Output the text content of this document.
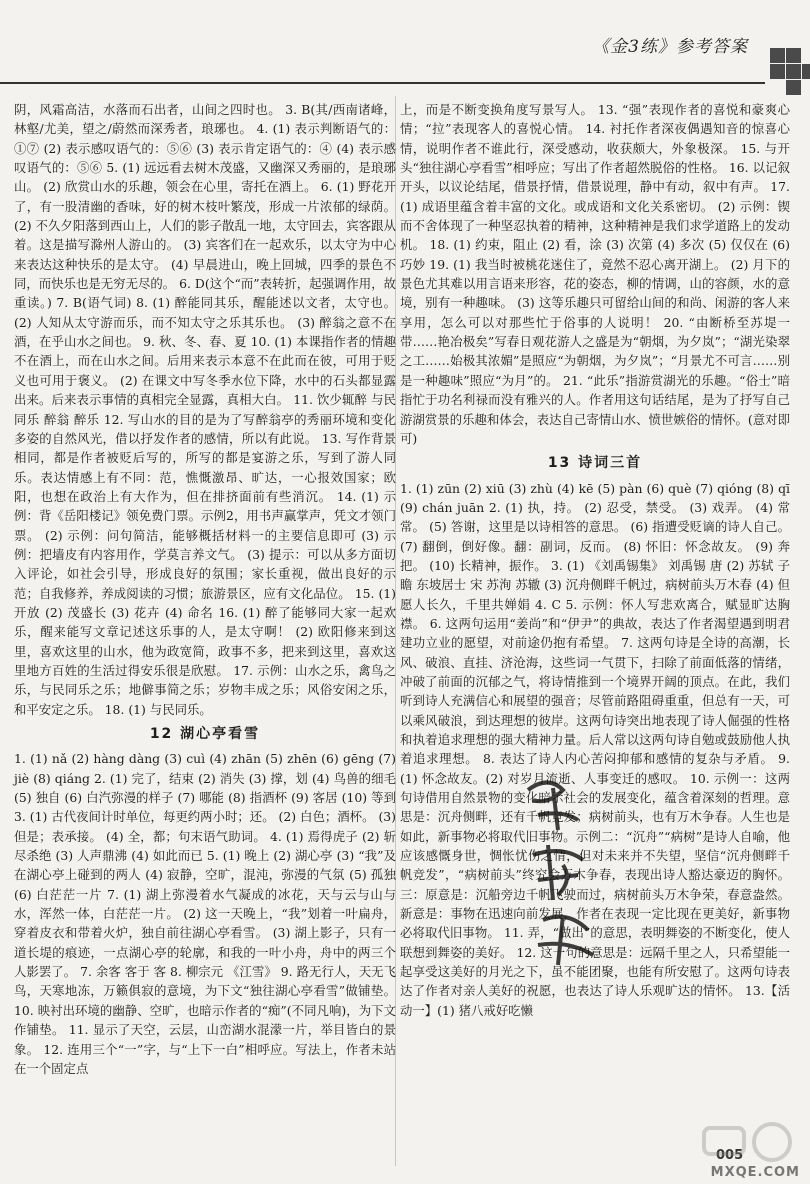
《金3练》参考答案

阴，风霜高洁，水落而石出者，山间之四时也。 3. B(其/西南诸峰，林壑/尤美，望之/蔚然而深秀者，琅琊也。 4. (1) 表示判断语气的：①⑦ (2) 表示感叹语气的：⑤⑥ (3) 表示肯定语气的：④ (4) 表示感叹语气的：⑤⑥ 5. (1) 远远看去树木茂盛，又幽深又秀丽的，是琅琊山。 (2) 欣赏山水的乐趣，领会在心里，寄托在酒上。 6. (1) 野花开了，有一股清幽的香味，好的树木枝叶繁茂，形成一片浓郁的绿荫。 (2) 不久夕阳落到西山上，人们的影子散乱一地，太守回去，宾客跟从着。这是描写滁州人游山的。 (3) 宾客们在一起欢乐，以太守为中心来表达这种快乐的是太守。 (4) 早晨进山，晚上回城，四季的景色不同，而快乐也是无穷无尽的。 6. D(这个“而”表转折，起强调作用，故重读。) 7. B(语气词) 8. (1) 醉能同其乐，醒能述以文者，太守也。 (2) 人知从太守游而乐，而不知太守之乐其乐也。 (3) 醉翁之意不在酒，在乎山水之间也。 9. 秋、冬、春、夏 10. (1) 本课指作者的情趣不在酒上，而在山水之间。后用来表示本意不在此而在彼，可用于贬义也可用于褒义。 (2) 在课文中写冬季水位下降，水中的石头都显露出来。后来表示事情的真相完全显露，真相大白。 11. 饮少辄醉 与民同乐 醉翁 醉乐 12. 写山水的目的是为了写醉翁亭的秀丽环境和变化多姿的自然风光，借以抒发作者的感情，所以有此说。 13. 写作背景相同，都是作者被贬后写的，所写的都是宴游之乐，写到了游人同乐。表达情感上有不同：范，憔慨激昂、旷达，一心报效国家；欧阳，也想在政治上有大作为，但在排挤面前有些消沉。 14. (1) 示例：背《岳阳楼记》领免费门票。示例2，用书声赢掌声，凭文才领门票。 (2) 示例：问句简洁，能够概括材料一的主要信息即可 (3) 示例：把墙皮有内容用作，学莫言养文气。 (3) 提示：可以从多方面切入评论，如社会引导，形成良好的氛围；家长重视，做出良好的示范；自我修养，养成阅读的习惯；旅游景区，应有文化品位。 15. (1) 开放 (2) 茂盛长 (3) 花卉 (4) 命名 16. (1) 醉了能够同大家一起欢乐，醒来能写文章记述这乐事的人，是太守啊！ (2) 欧阳修来到这里，喜欢这里的山水，他为政宽简，政事不多，把来到这里，喜欢这里地方百姓的生活过得安乐很是欣慰。 17. 示例：山水之乐，禽鸟之乐，与民同乐之乐；地僻事简之乐；岁物丰成之乐；风俗安闲之乐，和平安定之乐。 18. (1) 与民同乐。

12 湖心亭看雪

1. (1) nǎ (2) hàng dàng (3) cuì (4) zhān (5) zhēn (6) gēng (7) jiè (8) qiáng 2. (1) 完了，结束 (2) 消失 (3) 撑，划 (4) 鸟兽的细毛 (5) 独自 (6) 白汽弥漫的样子 (7) 哪能 (8) 指酒杯 (9) 客居 (10) 等到 3. (1) 古代夜间计时单位，每更约两小时；还。 (2) 白色；酒杯。 (3) 但是；表承接。 (4) 全，都；句末语气助词。 4. (1) 焉得虎子 (2) 斩尽杀绝 (3) 人声鼎沸 (4) 如此而已 5. (1) 晚上 (2) 湖心亭 (3) “我”及在湖心亭上碰到的两人 (4) 寂静，空旷，混沌，弥漫的气氛 (5) 孤独 (6) 白茫茫一片 7. (1) 湖上弥漫着水气凝成的冰花，天与云与山与水，浑然一体，白茫茫一片。 (2) 这一天晚上，“我”划着一叶扁舟，穿着皮衣和带着火炉，独自前往湖心亭看雪。 (3) 湖上影子，只有一道长堤的痕迹，一点湖心亭的轮廓，和我的一叶小舟，舟中的两三个人影罢了。 7. 余客 客于 客 8. 柳宗元 《江雪》 9. 路无行人，天无飞鸟，天寒地冻，万籁俱寂的意境，为下文“独往湖心亭看雪”做铺垫。 10. 映衬出环境的幽静、空旷，也暗示作者的“痴”(不同凡响)，为下文作铺垫。 11. 显示了天空，云层，山峦湖水混濛一片，举目皆白的景象。 12. 连用三个“一”字，与“上下一白”相呼应。写法上，作者未站在一个固定点

上，而是不断变换角度写景写人。 13. “强”表现作者的喜悦和豪爽心情；“拉”表现客人的喜悦心情。 14. 衬托作者深夜偶遇知音的惊喜心情，说明作者不谁此行，深受感动，收获颇大，外象极深。 15. 与开头“独往湖心亭看雪”相呼应；写出了作者超然脱俗的性格。 16. 以记叙开头，以议论结尾，借景抒情，借景说理，静中有动，叙中有声。 17. (1) 成语里蕴含着丰富的文化。或成语和文化关系密切。 (2) 示例：锲而不舍体现了一种坚忍执着的精神，这种精神是我们求学道路上的发动机。 18. (1) 约束，阻止 (2) 看，涂 (3) 次第 (4) 多次 (5) 仅仅在 (6) 巧妙 19. (1) 我当时被桃花迷住了，竟然不忍心离开湖上。 (2) 月下的景色尤其难以用言语来形容，花的姿态，柳的情调，山的容颜，水的意境，别有一种趣味。 (3) 这等乐趣只可留给山间的和尚、闲游的客人来享用，怎么可以对那些忙于俗事的人说明！ 20. “由断桥至苏堤一带……艳冶极矣”写春日观花游人之盛是为“朝烟，为夕岚”；“湖光染翠之工……始极其浓媚”是照应“为朝烟，为夕岚”；“月景尤不可言……别是一种趣味”照应“为月”的。 21. “此乐”指游赏湖光的乐趣。“俗士”暗指忙于功名利禄而没有雅兴的人。作者用这句话结尾，是为了抒写自己游湖赏景的乐趣和体会，表达自己寄情山水、愤世嫉俗的情怀。(意对即可)

13 诗词三首

1. (1) zūn (2) xiū (3) zhù (4) kē (5) pàn (6) què (7) qióng (8) qī (9) chán juān 2. (1) 执，持。 (2) 忍受，禁受。 (3) 戏弄。 (4) 常常。 (5) 答谢，这里是以诗相答的意思。 (6) 指遭受贬谪的诗人自己。 (7) 翻倒，倒好像。翻：副词，反而。 (8) 怀旧：怀念故友。 (9) 奔把。 (10) 长精神，振作。 3. (1) 《刘禹锡集》 刘禹锡 唐 (2) 苏轼 子瞻 东坡居士 宋 苏洵 苏辙 (3) 沉舟侧畔千帆过，病树前头万木春 (4) 但愿人长久，千里共婵娟 4. C 5. 示例：怀人写悲欢离合，赋显旷达胸襟。 6. 这两句运用“姜尚”和“伊尹”的典故，表达了作者渴望遇到明君建功立业的愿望，对前途仍抱有希望。 7. 这两句诗是全诗的高潮，长风、破浪、直挂、济沧海，这些词一气贯下，扫除了前面低落的情绪，冲破了前面的沉郁之气，将诗情推到一个境界开阔的顶点。在此，我们听到诗人充满信心和展望的强音；尽管前路阻碍重重，但总有一天，可以乘风破浪，到达理想的彼岸。这两句诗突出地表现了诗人倔强的性格和执着追求理想的强大精神力量。后人常以这两句诗自勉或鼓励他人执着追求理想。 8. 表达了诗人内心苦闷抑郁和感情的复杂与矛盾。 9. (1) 怀念故友。(2) 对岁月流逝、人事变迁的感叹。 10. 示例一：这两句诗借用自然景物的变化暗示社会的发展变化，蕴含着深刻的哲理。意思是：沉舟侧畔，还有千帆竞发；病树前头，也有万木争春。人生也是如此，新事物必将取代旧事物。示例二：“沉舟”“病树”是诗人自喻，他应该感慨身世，惆怅忧伤之情，但对未来并不失望，坚信“沉舟侧畔千帆竞发”，“病树前头”终究会万木争春，表现出诗人豁达豪迈的胸怀。 三：原意是：沉船旁边千帆飞驶而过，病树前头万木争荣，春意盎然。新意是：事物在迅速向前发展，作者在表现一定比现在更美好，新事物必将取代旧事物。 11. 弄，“做出”的意思，表明舞姿的不断变化，使人联想到舞姿的美好。 12. 这一句的意思是：远隔千里之人，只希望能一起享受这美好的月光之下，虽不能团聚，也能有所安慰了。这两句诗表达了作者对亲人美好的祝愿，也表达了诗人乐观旷达的情怀。 13.【活动一】(1) 猪八戒好吃懒

005
MXQE.COM
